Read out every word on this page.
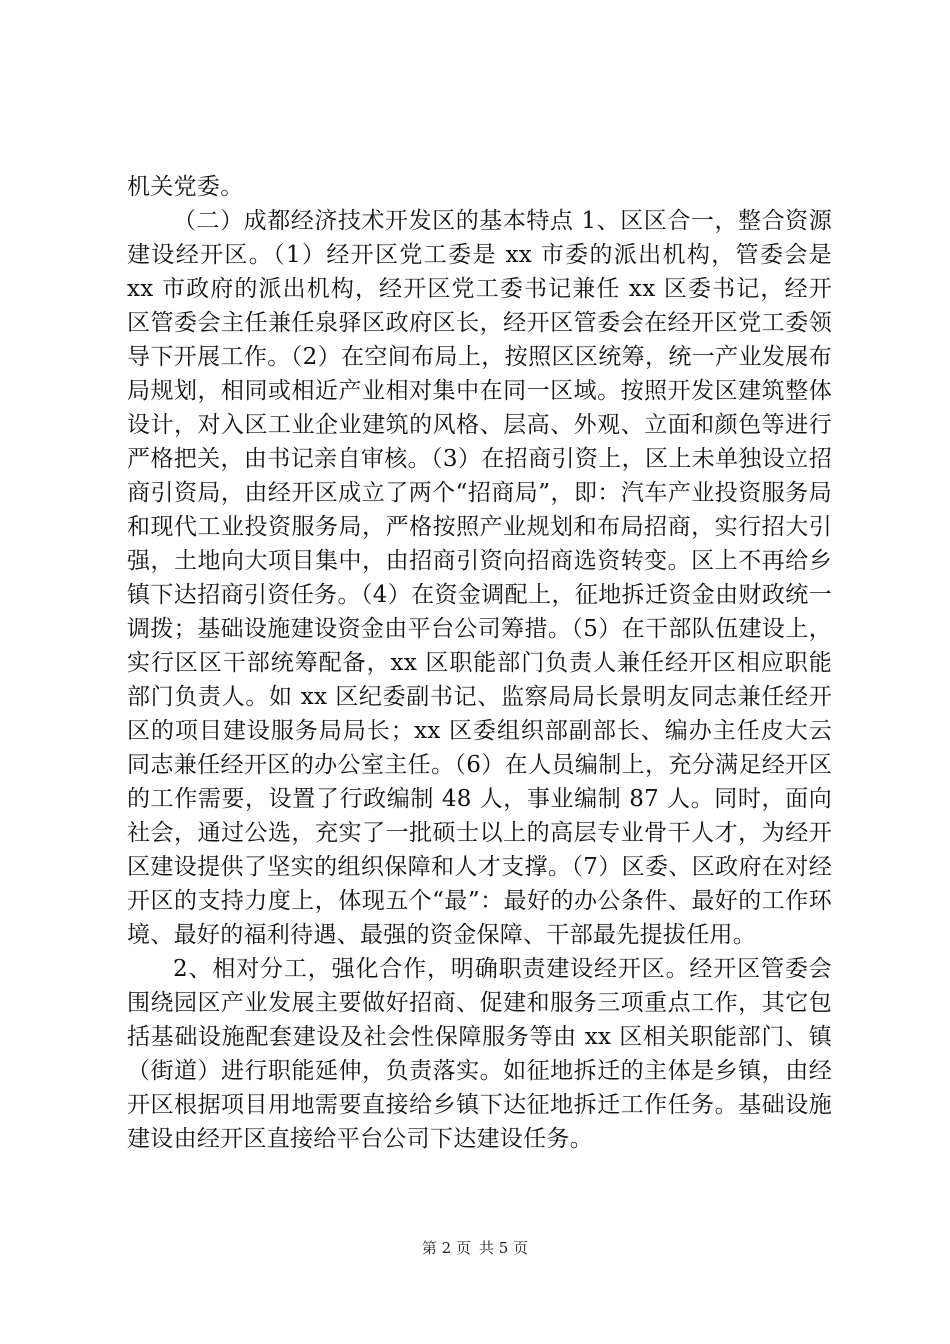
机关党委。

（二）成都经济技术开发区的基本特点 1、区区合一，整合资源建设经开区。（1）经开区党工委是 xx 市委的派出机构，管委会是 xx 市政府的派出机构，经开区党工委书记兼任 xx 区委书记，经开区管委会主任兼任泉驿区政府区长，经开区管委会在经开区党工委领导下开展工作。（2）在空间布局上，按照区区统筹，统一产业发展布局规划，相同或相近产业相对集中在同一区域。按照开发区建筑整体设计，对入区工业企业建筑的风格、层高、外观、立面和颜色等进行严格把关，由书记亲自审核。（3）在招商引资上，区上未单独设立招商引资局，由经开区成立了两个“招商局”，即：汽车产业投资服务局和现代工业投资服务局，严格按照产业规划和布局招商，实行招大引强，土地向大项目集中，由招商引资向招商选资转变。区上不再给乡镇下达招商引资任务。（4）在资金调配上，征地拆迁资金由财政统一调拨；基础设施建设资金由平台公司筹措。（5）在干部队伍建设上，实行区区干部统筹配备，xx 区职能部门负责人兼任经开区相应职能部门负责人。如 xx 区纪委副书记、监察局局长景明友同志兼任经开区的项目建设服务局局长；xx 区委组织部副部长、编办主任皮大云同志兼任经开区的办公室主任。（6）在人员编制上，充分满足经开区的工作需要，设置了行政编制 48 人，事业编制 87 人。同时，面向社会，通过公选，充实了一批硕士以上的高层专业骨干人才，为经开区建设提供了坚实的组织保障和人才支撑。（7）区委、区政府在对经开区的支持力度上，体现五个“最”：最好的办公条件、最好的工作环境、最好的福利待遇、最强的资金保障、干部最先提拔任用。

2、相对分工，强化合作，明确职责建设经开区。经开区管委会围绕园区产业发展主要做好招商、促建和服务三项重点工作，其它包括基础设施配套建设及社会性保障服务等由 xx 区相关职能部门、镇（街道）进行职能延伸，负责落实。如征地拆迁的主体是乡镇，由经开区根据项目用地需要直接给乡镇下达征地拆迁工作任务。基础设施建设由经开区直接给平台公司下达建设任务。

第 2 页 共 5 页
